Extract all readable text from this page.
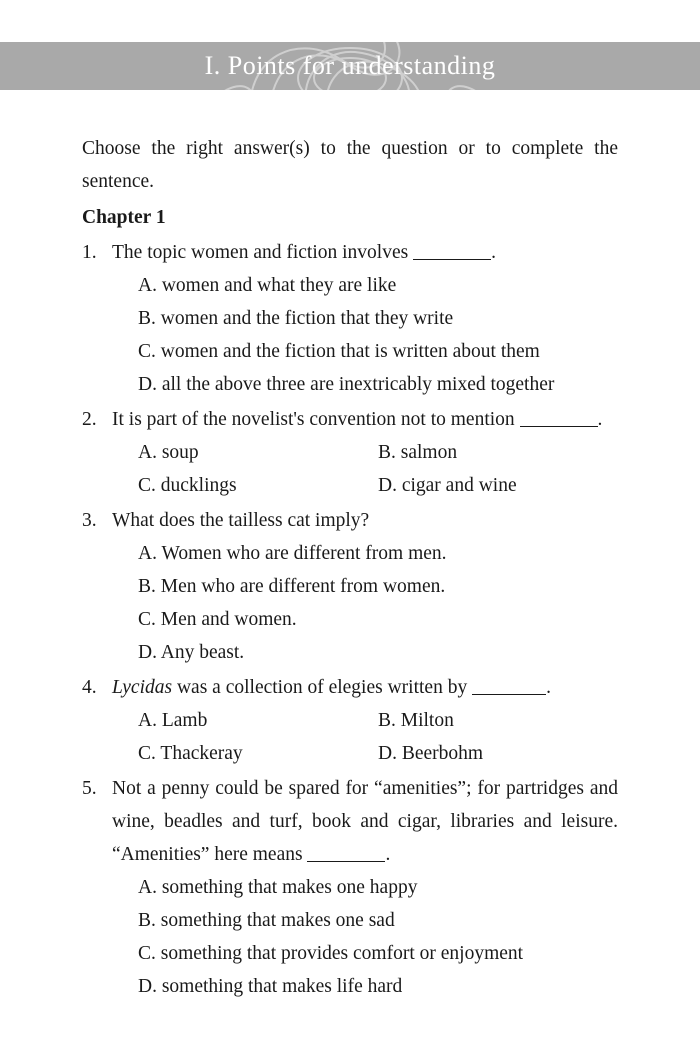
I. Points for understanding

Choose the right answer(s) to the question or to complete the sentence.

Chapter 1
1. The topic women and fiction involves	.
A. women and what they are like
B. women and the fiction that they write
C. women and the fiction that is written about them
D. all the above three are inextricably mixed together
2. It is part of the novelist's convention not to mention	.
A. soup	B. salmon
C. ducklings	D. cigar and wine
3. What does the tailless cat imply?
A. Women who are different from men.
B. Men who are different from women.
C. Men and women.
D. Any beast.
4. Lycidas was a collection of elegies written by	.
A. Lamb	B. Milton
C. Thackeray	D. Beerbohm
5. Not a penny could be spared for “amenities”; for partridges and wine, beadles and turf, book and cigar, libraries and leisure. “Amenities” here means	.
A. something that makes one happy
B. something that makes one sad
C. something that provides comfort or enjoyment
D. something that makes life hard
